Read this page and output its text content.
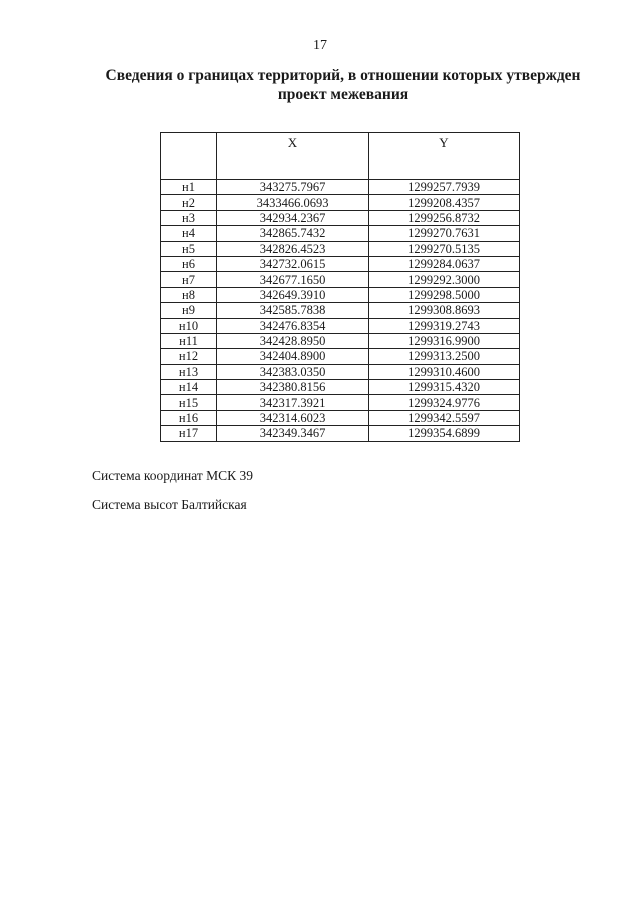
17
Сведения о границах территорий, в отношении которых утвержден
проект межевания
	X	Y
н1	343275.7967	1299257.7939
н2	3433466.0693	1299208.4357
н3	342934.2367	1299256.8732
н4	342865.7432	1299270.7631
н5	342826.4523	1299270.5135
н6	342732.0615	1299284.0637
н7	342677.1650	1299292.3000
н8	342649.3910	1299298.5000
н9	342585.7838	1299308.8693
н10	342476.8354	1299319.2743
н11	342428.8950	1299316.9900
н12	342404.8900	1299313.2500
н13	342383.0350	1299310.4600
н14	342380.8156	1299315.4320
н15	342317.3921	1299324.9776
н16	342314.6023	1299342.5597
н17	342349.3467	1299354.6899
Система координат МСК 39
Система высот Балтийская
